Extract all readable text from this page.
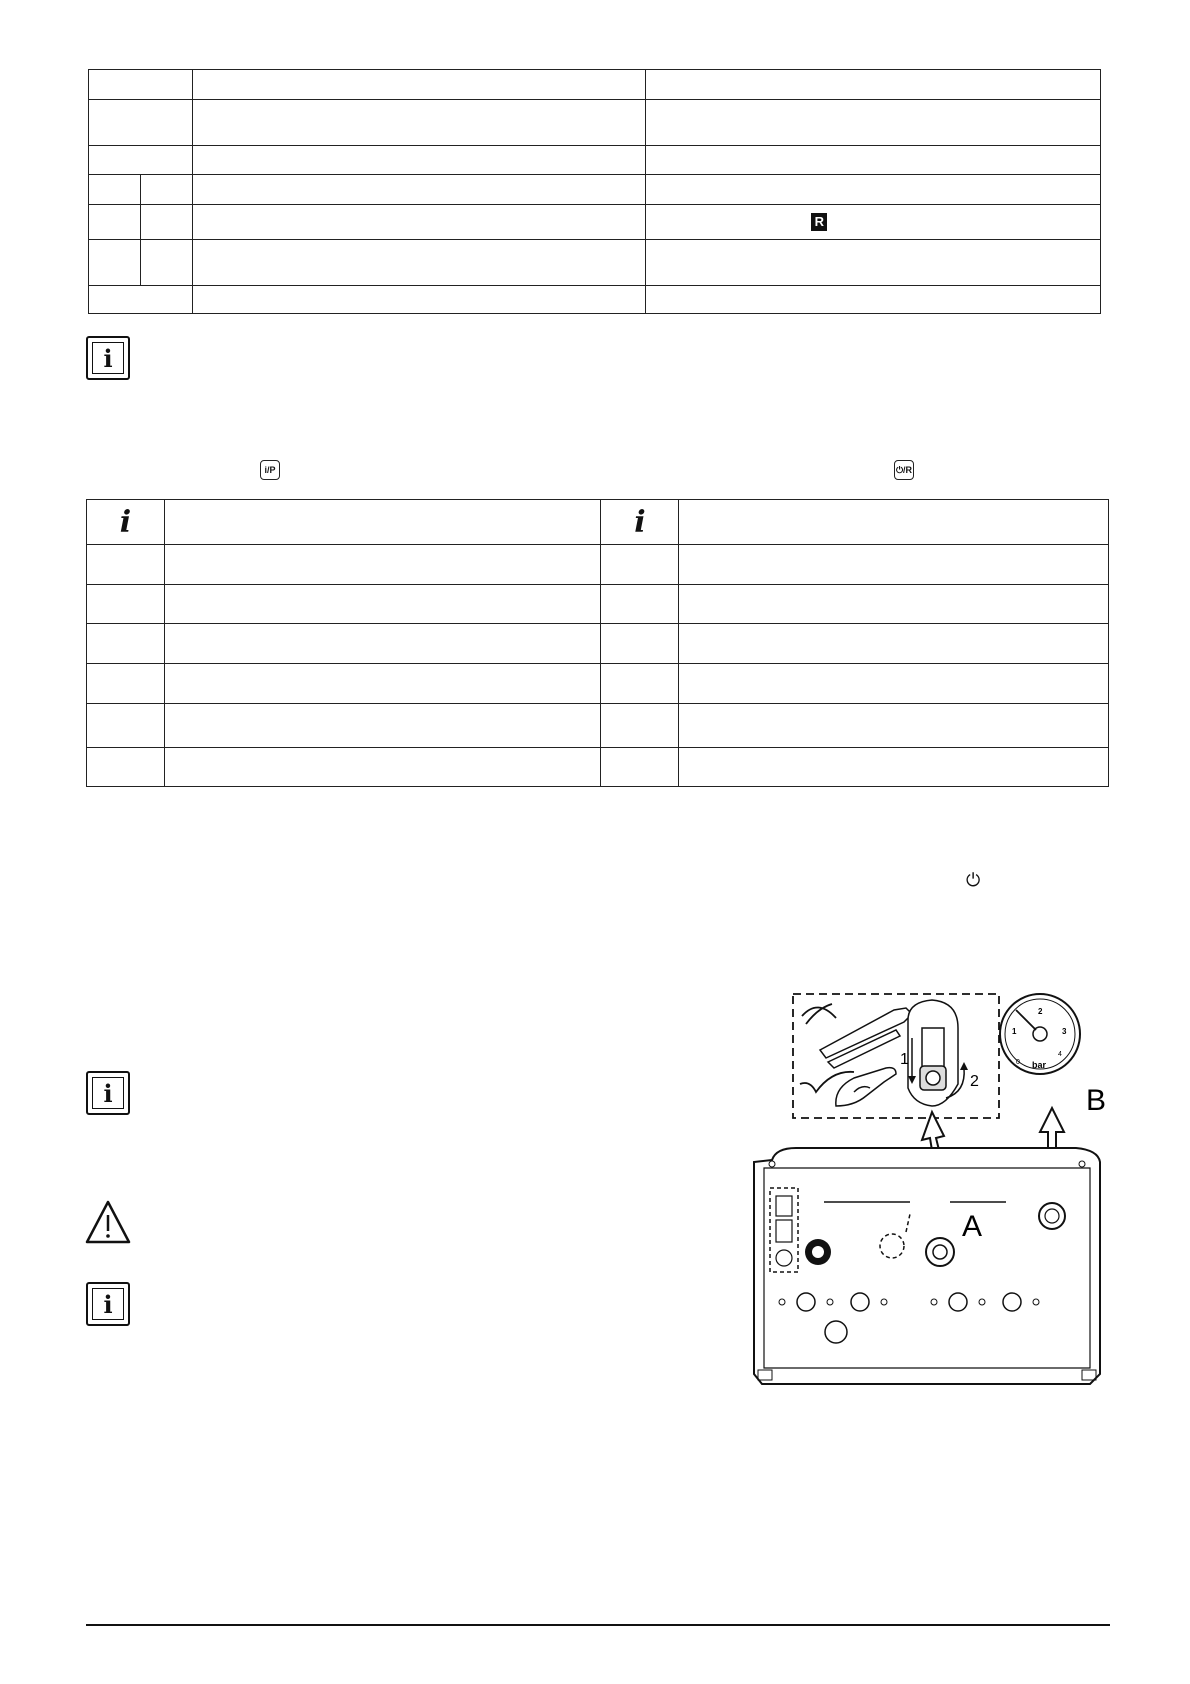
			R

i
i/P	⏻/R
i		i	

⏻
i
i
1
2
0
1
2
3
4
bar
B
A
